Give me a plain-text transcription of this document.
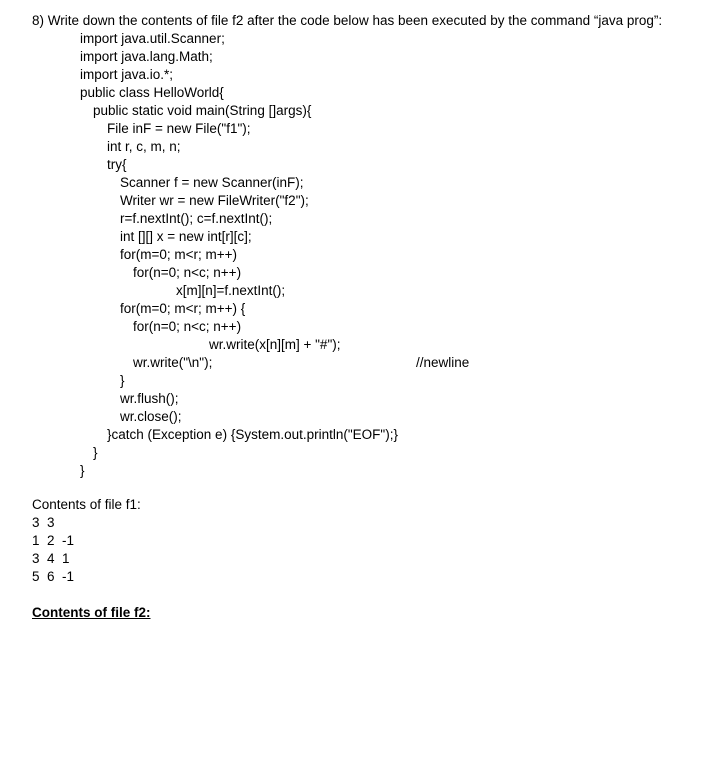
8) Write down the contents of file f2 after the code below has been executed by the command “java prog”:
import java.util.Scanner;
import java.lang.Math;
import java.io.*;
public class HelloWorld{
public static void main(String []args){
File inF = new File("f1");
int r, c, m, n;
try{
Scanner f = new Scanner(inF);
Writer wr = new FileWriter("f2");
r=f.nextInt(); c=f.nextInt();
int [][] x = new int[r][c];
for(m=0; m<r; m++)
for(n=0; n<c; n++)
x[m][n]=f.nextInt();
for(m=0; m<r; m++) {
for(n=0; n<c; n++)
wr.write(x[n][m] + "#");
wr.write("\n");	//newline
}
wr.flush();
wr.close();
}catch (Exception e) {System.out.println("EOF");}
}
}
Contents of file f1:
3  3
1  2  -1
3  4  1
5  6  -1
Contents of file f2:
